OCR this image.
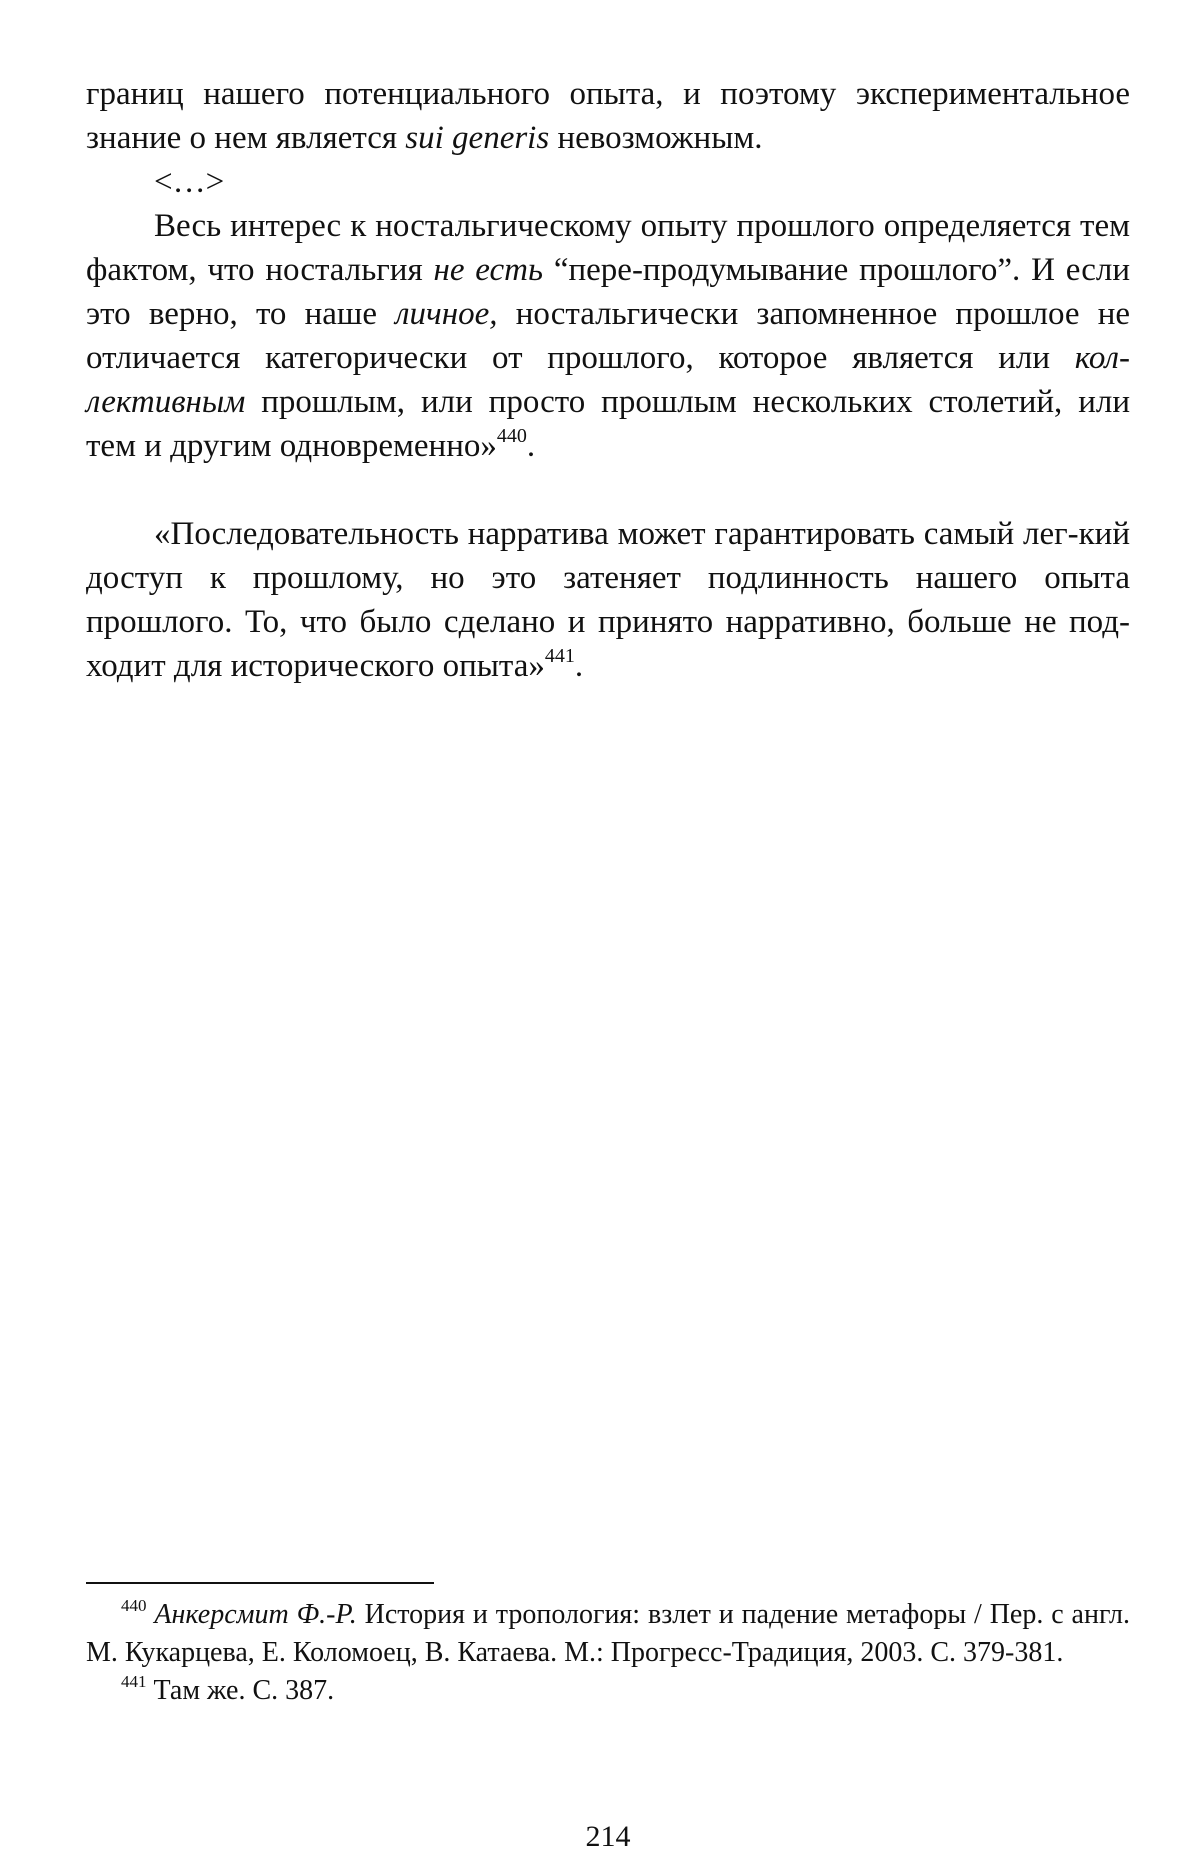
границ нашего потенциального опыта, и поэтому экспериментальное знание о нем является sui generis невозможным.

<…>

Весь интерес к ностальгическому опыту прошлого определяется тем фактом, что ностальгия не есть “пере-продумывание прошлого”. И если это верно, то наше личное, ностальгически запомненное прошлое не отличается категорически от прошлого, которое является или кол-лективным прошлым, или просто прошлым нескольких столетий, или тем и другим одновременно»$^{440}$.

«Последовательность нарратива может гарантировать самый лег-кий доступ к прошлому, но это затеняет подлинность нашего опыта прошлого. То, что было сделано и принято нарративно, больше не под-ходит для исторического опыта»$^{441}$.

$^{440}$ Анкерсмит Ф.-Р. История и тропология: взлет и падение метафоры / Пер. с англ. М. Кукарцева, Е. Коломоец, В. Катаева. М.: Прогресс-Традиция, 2003. С. 379-381.

$^{441}$ Там же. С. 387.

214
